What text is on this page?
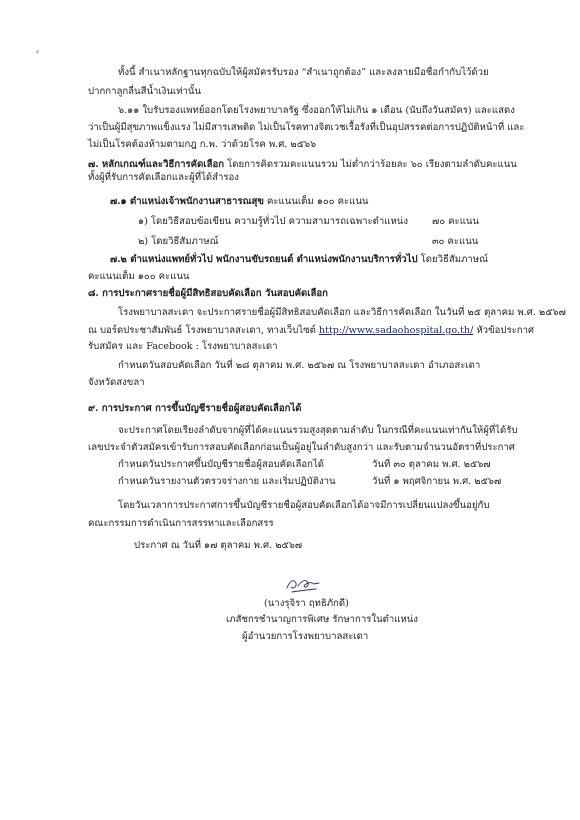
⸗
ทั้งนี้ สำเนาหลักฐานทุกฉบับให้ผู้สมัครรับรอง “สำเนาถูกต้อง” และลงลายมือชื่อกำกับไว้ด้วย
ปากกาลูกลื่นสีน้ำเงินเท่านั้น
๖.๑๑ ใบรับรองแพทย์ออกโดยโรงพยาบาลรัฐ ซึ่งออกให้ไม่เกิน ๑ เดือน (นับถึงวันสมัคร) และแสดง
ว่าเป็นผู้มีสุขภาพแข็งแรง ไม่มีสารเสพติด ไม่เป็นโรคทางจิตเวชเรื้อรังที่เป็นอุปสรรคต่อการปฏิบัติหน้าที่ และ
ไม่เป็นโรคต้องห้ามตามกฎ ก.พ. ว่าด้วยโรค พ.ศ. ๒๕๖๖
๗. หลักเกณฑ์และวิธีการคัดเลือก โดยการคิดรวมคะแนนรวม ไม่ต่ำกว่าร้อยละ ๖๐ เรียงตามลำดับคะแนน
ทั้งผู้ที่รับการคัดเลือกและผู้ที่ได้สำรอง
๗.๑ ตำแหน่งเจ้าพนักงานสาธารณสุข คะแนนเต็ม ๑๐๐ คะแนน
๑) โดยวิธีสอบข้อเขียน ความรู้ทั่วไป ความสามารถเฉพาะตำแหน่ง ๗๐ คะแนน
๒) โดยวิธีสัมภาษณ์	๓๐ คะแนน
๗.๒ ตำแหน่งแพทย์ทั่วไป พนักงานขับรถยนต์ ตำแหน่งพนักงานบริการทั่วไป โดยวิธีสัมภาษณ์
คะแนนเต็ม ๑๐๐ คะแนน
๘. การประกาศรายชื่อผู้มีสิทธิสอบคัดเลือก วันสอบคัดเลือก
โรงพยาบาลสะเดา จะประกาศรายชื่อผู้มีสิทธิสอบคัดเลือก และวิธีการคัดเลือก ในวันที่ ๒๕ ตุลาคม พ.ศ. ๒๕๖๗
ณ บอร์ดประชาสัมพันธ์ โรงพยาบาลสะเดา, ทางเว็บไซต์ http://www.sadaohospital.go.th/ หัวข้อประกาศ
รับสมัคร และ Facebook : โรงพยาบาลสะเดา
กำหนดวันสอบคัดเลือก วันที่ ๒๘ ตุลาคม พ.ศ. ๒๕๖๗ ณ โรงพยาบาลสะเดา อำเภอสะเดา
จังหวัดสงขลา
๙. การประกาศ การขึ้นบัญชีรายชื่อผู้สอบคัดเลือกได้
จะประกาศโดยเรียงลำดับจากผู้ที่ได้คะแนนรวมสูงสุดตามลำดับ ในกรณีที่คะแนนเท่ากันให้ผู้ที่ได้รับ
เลขประจำตัวสมัครเข้ารับการสอบคัดเลือกก่อนเป็นผู้อยู่ในลำดับสูงกว่า และรับตามจำนวนอัตราที่ประกาศ
กำหนดวันประกาศขึ้นบัญชีรายชื่อผู้สอบคัดเลือกได้	วันที่ ๓๐ ตุลาคม พ.ศ. ๒๕๖๗
กำหนดวันรายงานตัวตรวจร่างกาย และเริ่มปฏิบัติงาน	วันที่ ๑ พฤศจิกายน พ.ศ. ๒๕๖๗
โดยวันเวลาการประกาศการขึ้นบัญชีรายชื่อผู้สอบคัดเลือกได้อาจมีการเปลี่ยนแปลงขึ้นอยู่กับ
คณะกรรมการดำเนินการสรรหาและเลือกสรร
ประกาศ ณ วันที่ ๑๗ ตุลาคม พ.ศ. ๒๕๖๗
(นางรุจิรา ฤทธิภักดี)
เภสัชกรชำนาญการพิเศษ รักษาการในตำแหน่ง
ผู้อำนวยการโรงพยาบาลสะเดา
